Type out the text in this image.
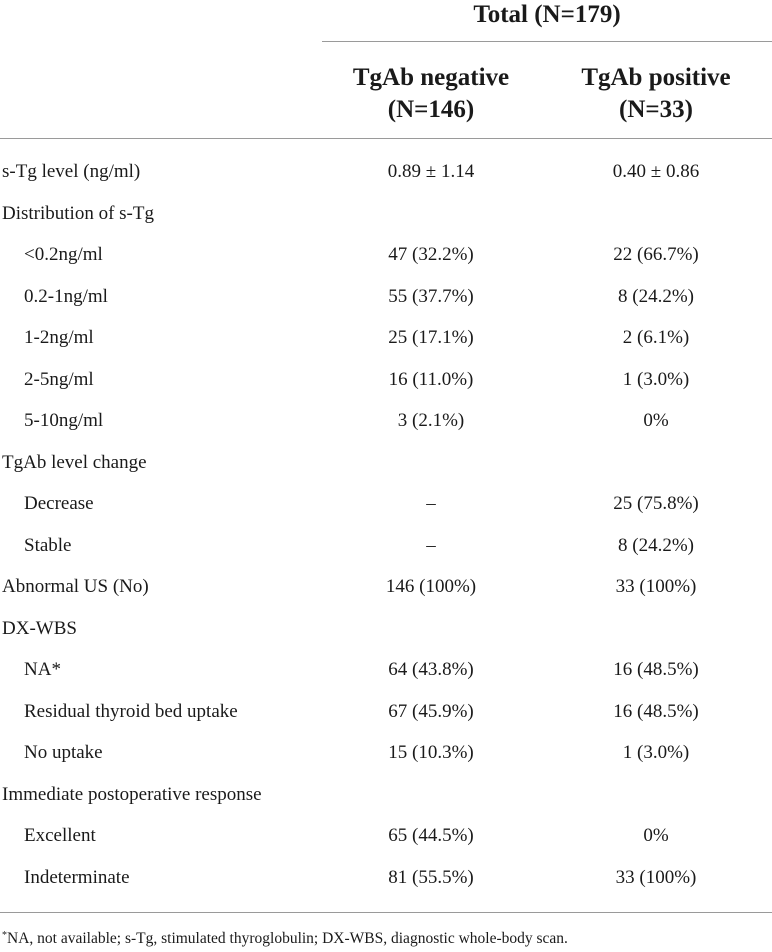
Total (N=179)
TgAb negative
(N=146)
TgAb positive
(N=33)
s-Tg level (ng/ml)	0.89 ± 1.14	0.40 ± 0.86
Distribution of s-Tg
<0.2ng/ml	47 (32.2%)	22 (66.7%)
0.2-1ng/ml	55 (37.7%)	8 (24.2%)
1-2ng/ml	25 (17.1%)	2 (6.1%)
2-5ng/ml	16 (11.0%)	1 (3.0%)
5-10ng/ml	3 (2.1%)	0%
TgAb level change
Decrease	–	25 (75.8%)
Stable	–	8 (24.2%)
Abnormal US (No)	146 (100%)	33 (100%)
DX-WBS
NA*	64 (43.8%)	16 (48.5%)
Residual thyroid bed uptake	67 (45.9%)	16 (48.5%)
No uptake	15 (10.3%)	1 (3.0%)
Immediate postoperative response
Excellent	65 (44.5%)	0%
Indeterminate	81 (55.5%)	33 (100%)
*NA, not available; s-Tg, stimulated thyroglobulin; DX-WBS, diagnostic whole-body scan.
